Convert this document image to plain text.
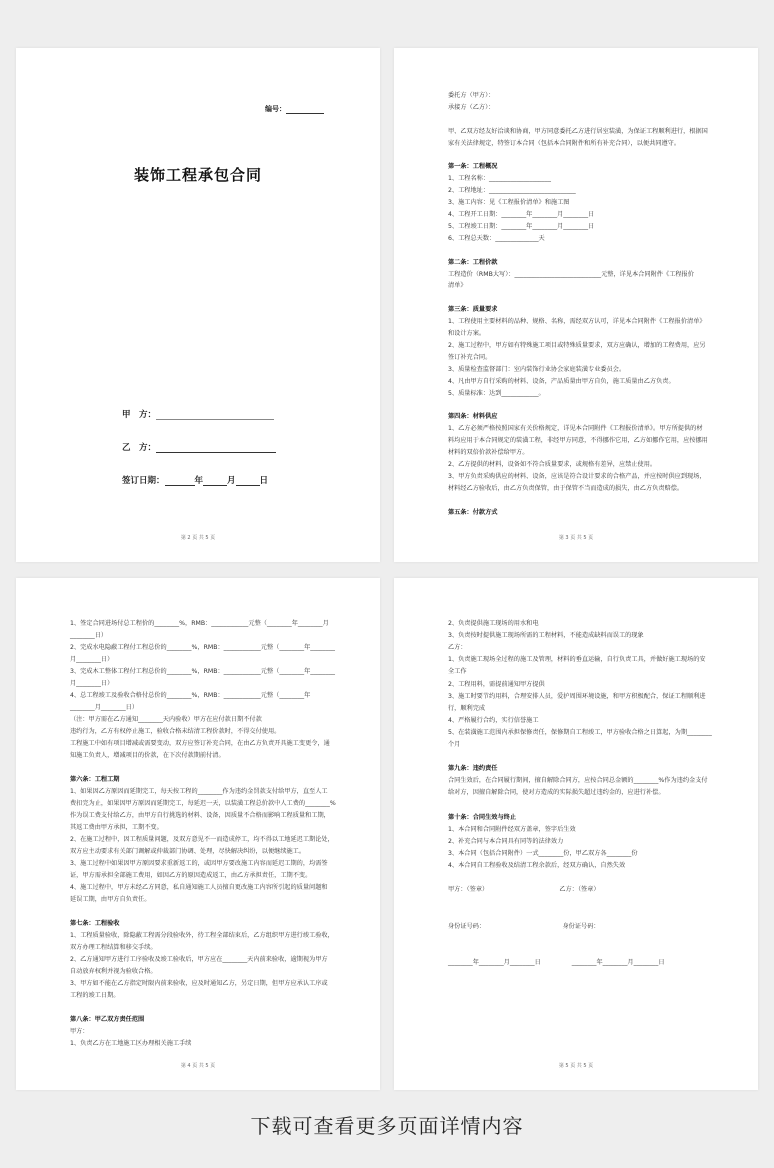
编号：
装饰工程承包合同
甲　方：
乙　方：
签订日期：	年	月	日
第 2 页 共 5 页
委托方（甲方）：
承接方（乙方）：
甲、乙双方经友好洽谈和协商，甲方同意委托乙方进行居室装潢，为保证工程顺利进行，根据国
家有关法律规定，特签订本合同（包括本合同附件和所有补充合同），以便共同遵守。
第一条：工程概况
1、工程名称：____________________
2、工程地址：____________________________
3、施工内容：见《工程报价清单》和施工图
4、工程开工日期：________年________月________日
5、工程竣工日期：________年________月________日
6、工程总天数：______________天
第二条：工程价款
工程造价（RMB大写）：____________________________元整，详见本合同附件《工程报价
清单》
第三条：质量要求
1、工程使用主要材料的品种、规格、名称，需经双方认可，详见本合同附件《工程报价清单》
和设计方案。
2、施工过程中，甲方如有特殊施工项目或特殊质量要求，双方应确认，增加的工程费用，应另
签订补充合同。
3、质量检查监督部门：室内装饰行业协会家庭装潢专业委员会。
4、凡由甲方自行采购的材料、设备，产品质量由甲方自负，施工质量由乙方负责。
5、质量标准：达到____________。
第四条：材料供应
1、乙方必须严格按照国家有关价格规定，详见本合同附件《工程报价清单》。甲方所提供的材
料均应用于本合同规定的装潢工程，非经甲方同意，不得挪作它用，乙方如挪作它用，应按挪用
材料的双倍价款补偿给甲方。
2、乙方提供的材料，设备如不符合质量要求，或规格有差异，应禁止使用。
3、甲方负责采购供应的材料、设备，应该是符合设计要求的合格产品，并应按时供应到现场，
材料经乙方验收后，由乙方负责保管，由于保管不当而造成的损失，由乙方负责赔偿。
第五条：付款方式
第 3 页 共 5 页
1、签定合同进场付总工程价的________%，RMB：____________元整（________年________月
________日）
2、完成水电隐蔽工程付工程总价的________%，RMB：____________元整（________年________
月________日）
3、完成木工整体工程付工程总价的________%，RMB：____________元整（________年________
月________日）
4、总工程竣工及验收合格付总价的________%，RMB：____________元整（________年
________月________日）
（注：甲方需在乙方通知________天内验收）甲方在应付款日期不付款
违约行为，乙方有权停止施工，验收合格未结清工程价款时，不得交付使用。
工程施工中如有项目增减或需要变动，双方应签订补充合同，在由乙方负责开具施工变更令，通
知施工负责人，增减项目的价款，在下次付款期前付清。
第六条：工程工期
1、如果因乙方原因而延期完工，每天按工程的________作为违约金罚款支付给甲方，直至人工
费扣完为止，如果因甲方原因而延期完工，每延迟一天，以装潢工程总价款中人工费的________%
作为误工费支付给乙方，由甲方自行挑选的材料、设备，因质量不合格而影响工程质量和工期，
其返工费由甲方承担，工期不变。
2、在施工过程中，因工程质量问题，及双方意见不一而造成停工，均不得以工地延迟工期论处，
双方应主动要求有关部门调解或仲裁部门协调、处理，尽快解决纠纷，以便继续施工。
3、施工过程中如果因甲方原因要求重新返工的，或因甲方要改施工内容而延迟工期的，均需签
证，甲方需承担全部施工费用，如因乙方的原因造成返工，由乙方承担责任，工期不变。
4、施工过程中，甲方未经乙方同意，私自通知施工人员擅自更改施工内容所引起的质量问题和
延误工期，由甲方自负责任。
第七条：工程验收
1、工程质量验收，除隐蔽工程需分段验收外，待工程全部结束后，乙方组织甲方进行竣工验收，
双方办理工程结算和移交手续。
2、乙方通知甲方进行工序验收及竣工验收后，甲方应在________天内前来验收，逾期视为甲方
自动放弃权利并视为验收合格。
3、甲方如不能在乙方指定时限内前来验收，应及时通知乙方，另定日期，但甲方应承认工序或
工程的竣工日期。
第八条：甲乙双方责任范围
甲方：
1、负责乙方在工地施工区办理相关施工手续
第 4 页 共 5 页
2、负责提供施工现场的用水和电
3、负责按时提供施工现场所需的工程材料，不能造成缺料而误工的现象
乙方：
1、负责施工现场全过程的施工及管理，材料的垂直运输，自行负责工具，并做好施工现场的安
全工作
2、工程用料，需提前通知甲方提供
3、施工时要节约用料，合理安排人员，爱护周围环境设施，和甲方积极配合，保证工程顺利进
行，顺利完成
4、严格履行合约，实行信誉施工
5、在装潢施工范围内承担保修责任，保修期自工程竣工，甲方验收合格之日算起，为期________
个月
第九条：违约责任
合同生效后，在合同履行期间，擅自解除合同方，应按合同总金额的________%作为违约金支付
给对方，因擅自解除合同，使对方造成的实际损失超过违约金的，应进行补偿。
第十条：合同生效与终止
1、本合同和合同附件经双方盖章，签字后生效
2、补充合同与本合同具有同等的法律效力
3、本合同（包括合同附件）一式________份，甲乙双方各________份
4、本合同自工程验收及结清工程余款后，经双方确认，自然失效
甲方：（签章）　　　　　　　　　　　　乙方：（签章）
身份证号码：　　　　　　　　　　　　　身份证号码：
________年________月________日　　　　　________年________月________日
第 5 页 共 5 页
下载可查看更多页面详情内容
